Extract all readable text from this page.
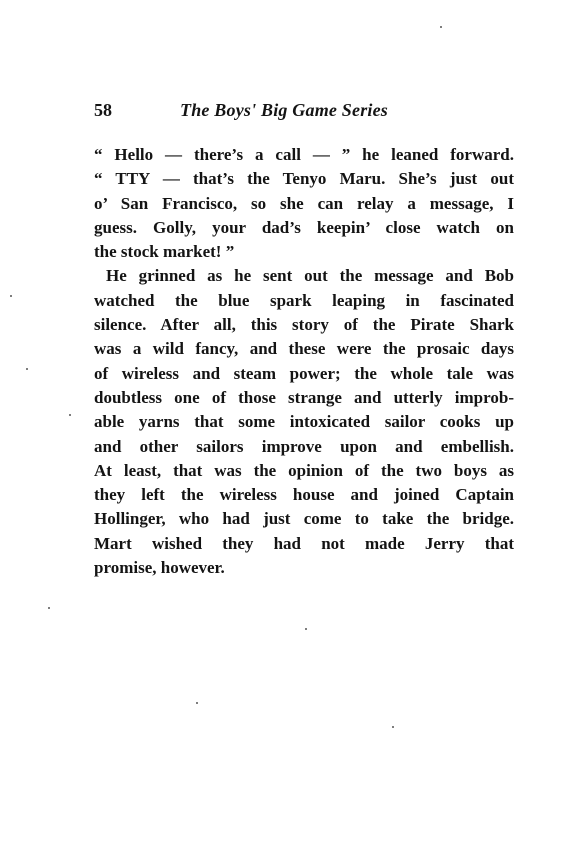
58	The Boys' Big Game Series
“ Hello — there’s a call — ” he leaned forward.
“ TTY — that’s the Tenyo Maru. She’s just out
o’ San Francisco, so she can relay a message, I
guess. Golly, your dad’s keepin’ close watch on
the stock market! ”
He grinned as he sent out the message and Bob
watched the blue spark leaping in fascinated
silence. After all, this story of the Pirate Shark
was a wild fancy, and these were the prosaic days
of wireless and steam power; the whole tale was
doubtless one of those strange and utterly improb-
able yarns that some intoxicated sailor cooks up
and other sailors improve upon and embellish.
At least, that was the opinion of the two boys as
they left the wireless house and joined Captain
Hollinger, who had just come to take the bridge.
Mart wished they had not made Jerry that
promise, however.
